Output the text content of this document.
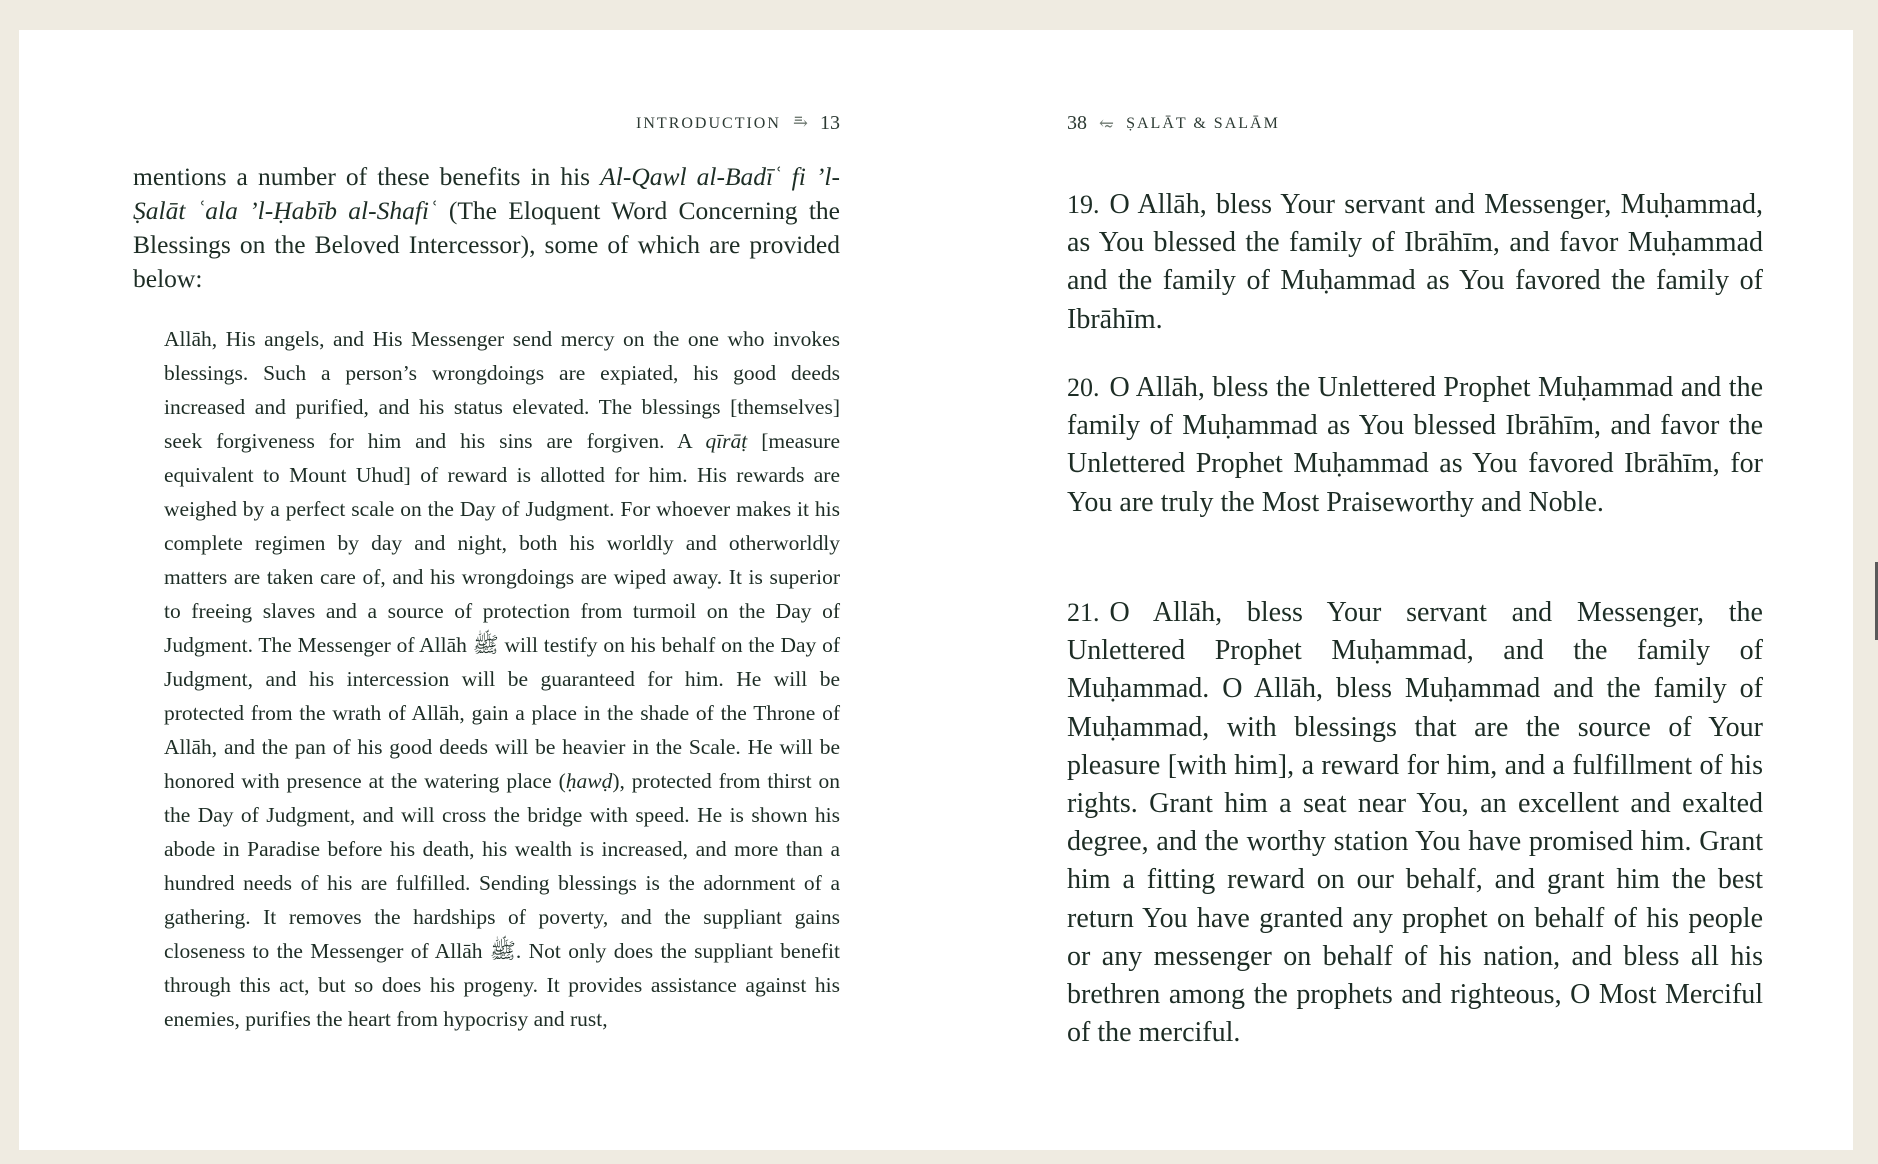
INTRODUCTION ⥱ 13

mentions a number of these benefits in his Al-Qawl al-Badīʿ fi ’l-Ṣalāt ʿala ’l-Ḥabīb al-Shafiʿ (The Eloquent Word Concerning the Blessings on the Beloved Intercessor), some of which are provided below:

Allāh, His angels, and His Messenger send mercy on the one who invokes blessings. Such a person’s wrongdoings are expiated, his good deeds increased and purified, and his status elevated. The blessings [themselves] seek forgiveness for him and his sins are forgiven. A qīrāṭ [measure equivalent to Mount Uhud] of reward is allotted for him. His rewards are weighed by a perfect scale on the Day of Judgment. For whoever makes it his complete regimen by day and night, both his worldly and otherworldly matters are taken care of, and his wrongdoings are wiped away. It is superior to freeing slaves and a source of protection from turmoil on the Day of Judgment. The Messenger of Allāh ﷺ will testify on his behalf on the Day of Judgment, and his intercession will be guaranteed for him. He will be protected from the wrath of Allāh, gain a place in the shade of the Throne of Allāh, and the pan of his good deeds will be heavier in the Scale. He will be honored with presence at the watering place (ḥawḍ), protected from thirst on the Day of Judgment, and will cross the bridge with speed. He is shown his abode in Paradise before his death, his wealth is increased, and more than a hundred needs of his are fulfilled. Sending blessings is the adornment of a gathering. It removes the hardships of poverty, and the suppliant gains closeness to the Messenger of Allāh ﷺ. Not only does the suppliant benefit through this act, but so does his progeny. It provides assistance against his enemies, purifies the heart from hypocrisy and rust,

38 ⥳ ṢALĀT & SALĀM

19. O Allāh, bless Your servant and Messenger, Muḥammad, as You blessed the family of Ibrāhīm, and favor Muḥammad and the family of Muḥammad as You favored the family of Ibrāhīm.

20. O Allāh, bless the Unlettered Prophet Muḥammad and the family of Muḥammad as You blessed Ibrāhīm, and favor the Unlettered Prophet Muḥammad as You favored Ibrāhīm, for You are truly the Most Praiseworthy and Noble.

21. O Allāh, bless Your servant and Messenger, the Unlettered Prophet Muḥammad, and the family of Muḥammad. O Allāh, bless Muḥammad and the family of Muḥammad, with blessings that are the source of Your pleasure [with him], a reward for him, and a fulfillment of his rights. Grant him a seat near You, an excellent and exalted degree, and the worthy station You have promised him. Grant him a fitting reward on our behalf, and grant him the best return You have granted any prophet on behalf of his people or any messenger on behalf of his nation, and bless all his brethren among the prophets and righteous, O Most Merciful of the merciful.
